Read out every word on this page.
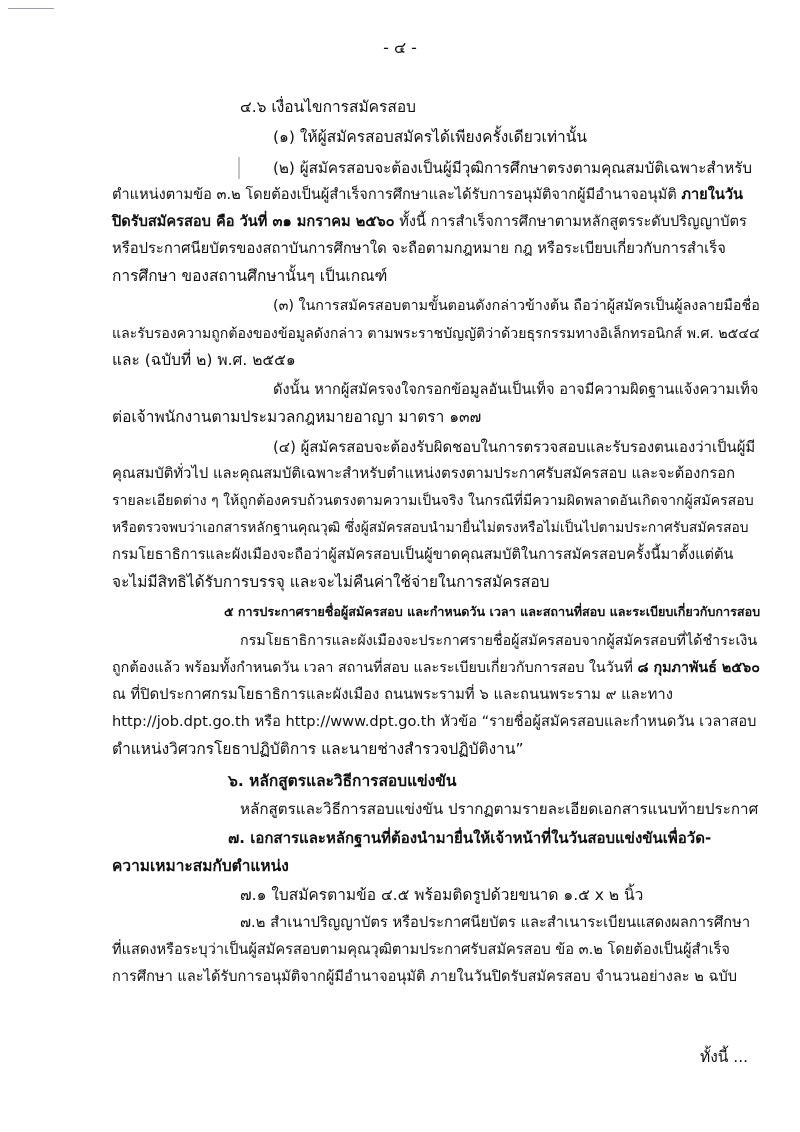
- ๔ -
๔.๖ เงื่อนไขการสมัครสอบ
(๑) ให้ผู้สมัครสอบสมัครได้เพียงครั้งเดียวเท่านั้น
(๒) ผู้สมัครสอบจะต้องเป็นผู้มีวุฒิการศึกษาตรงตามคุณสมบัติเฉพาะสำหรับ
ตำแหน่งตามข้อ ๓.๒ โดยต้องเป็นผู้สำเร็จการศึกษาและได้รับการอนุมัติจากผู้มีอำนาจอนุมัติ ภายในวัน
ปิดรับสมัครสอบ คือ วันที่ ๓๑ มกราคม ๒๕๖๐ ทั้งนี้ การสำเร็จการศึกษาตามหลักสูตรระดับปริญญาบัตร
หรือประกาศนียบัตรของสถาบันการศึกษาใด จะถือตามกฎหมาย กฎ หรือระเบียบเกี่ยวกับการสำเร็จ
การศึกษา ของสถานศึกษานั้นๆ เป็นเกณฑ์
(๓) ในการสมัครสอบตามขั้นตอนดังกล่าวข้างต้น ถือว่าผู้สมัครเป็นผู้ลงลายมือชื่อ
และรับรองความถูกต้องของข้อมูลดังกล่าว ตามพระราชบัญญัติว่าด้วยธุรกรรมทางอิเล็กทรอนิกส์ พ.ศ. ๒๕๔๔
และ (ฉบับที่ ๒) พ.ศ. ๒๕๕๑
ดังนั้น หากผู้สมัครจงใจกรอกข้อมูลอันเป็นเท็จ อาจมีความผิดฐานแจ้งความเท็จ
ต่อเจ้าพนักงานตามประมวลกฎหมายอาญา มาตรา ๑๓๗
(๔) ผู้สมัครสอบจะต้องรับผิดชอบในการตรวจสอบและรับรองตนเองว่าเป็นผู้มี
คุณสมบัติทั่วไป และคุณสมบัติเฉพาะสำหรับตำแหน่งตรงตามประกาศรับสมัครสอบ และจะต้องกรอก
รายละเอียดต่าง ๆ ให้ถูกต้องครบถ้วนตรงตามความเป็นจริง ในกรณีที่มีความผิดพลาดอันเกิดจากผู้สมัครสอบ
หรือตรวจพบว่าเอกสารหลักฐานคุณวุฒิ ซึ่งผู้สมัครสอบนำมายื่นไม่ตรงหรือไม่เป็นไปตามประกาศรับสมัครสอบ
กรมโยธาธิการและผังเมืองจะถือว่าผู้สมัครสอบเป็นผู้ขาดคุณสมบัติในการสมัครสอบครั้งนี้มาตั้งแต่ต้น
จะไม่มีสิทธิได้รับการบรรจุ และจะไม่คืนค่าใช้จ่ายในการสมัครสอบ
๕ การประกาศรายชื่อผู้สมัครสอบ และกำหนดวัน เวลา และสถานที่สอบ และระเบียบเกี่ยวกับการสอบ
กรมโยธาธิการและผังเมืองจะประกาศรายชื่อผู้สมัครสอบจากผู้สมัครสอบที่ได้ชำระเงิน
ถูกต้องแล้ว พร้อมทั้งกำหนดวัน เวลา สถานที่สอบ และระเบียบเกี่ยวกับการสอบ ในวันที่ ๘ กุมภาพันธ์ ๒๕๖๐
ณ ที่ปิดประกาศกรมโยธาธิการและผังเมือง ถนนพระรามที่ ๖ และถนนพระราม ๙ และทาง
http://job.dpt.go.th หรือ http://www.dpt.go.th หัวข้อ “รายชื่อผู้สมัครสอบและกำหนดวัน เวลาสอบ
ตำแหน่งวิศวกรโยธาปฏิบัติการ และนายช่างสำรวจปฏิบัติงาน”
๖. หลักสูตรและวิธีการสอบแข่งขัน
หลักสูตรและวิธีการสอบแข่งขัน ปรากฏตามรายละเอียดเอกสารแนบท้ายประกาศ
๗. เอกสารและหลักฐานที่ต้องนำมายื่นให้เจ้าหน้าที่ในวันสอบแข่งขันเพื่อวัด-
ความเหมาะสมกับตำแหน่ง
๗.๑ ใบสมัครตามข้อ ๔.๕ พร้อมติดรูปด้วยขนาด ๑.๕ x ๒ นิ้ว
๗.๒ สำเนาปริญญาบัตร หรือประกาศนียบัตร และสำเนาระเบียนแสดงผลการศึกษา
ที่แสดงหรือระบุว่าเป็นผู้สมัครสอบตามคุณวุฒิตามประกาศรับสมัครสอบ ข้อ ๓.๒ โดยต้องเป็นผู้สำเร็จ
การศึกษา และได้รับการอนุมัติจากผู้มีอำนาจอนุมัติ ภายในวันปิดรับสมัครสอบ จำนวนอย่างละ ๒ ฉบับ
ทั้งนี้ ...
